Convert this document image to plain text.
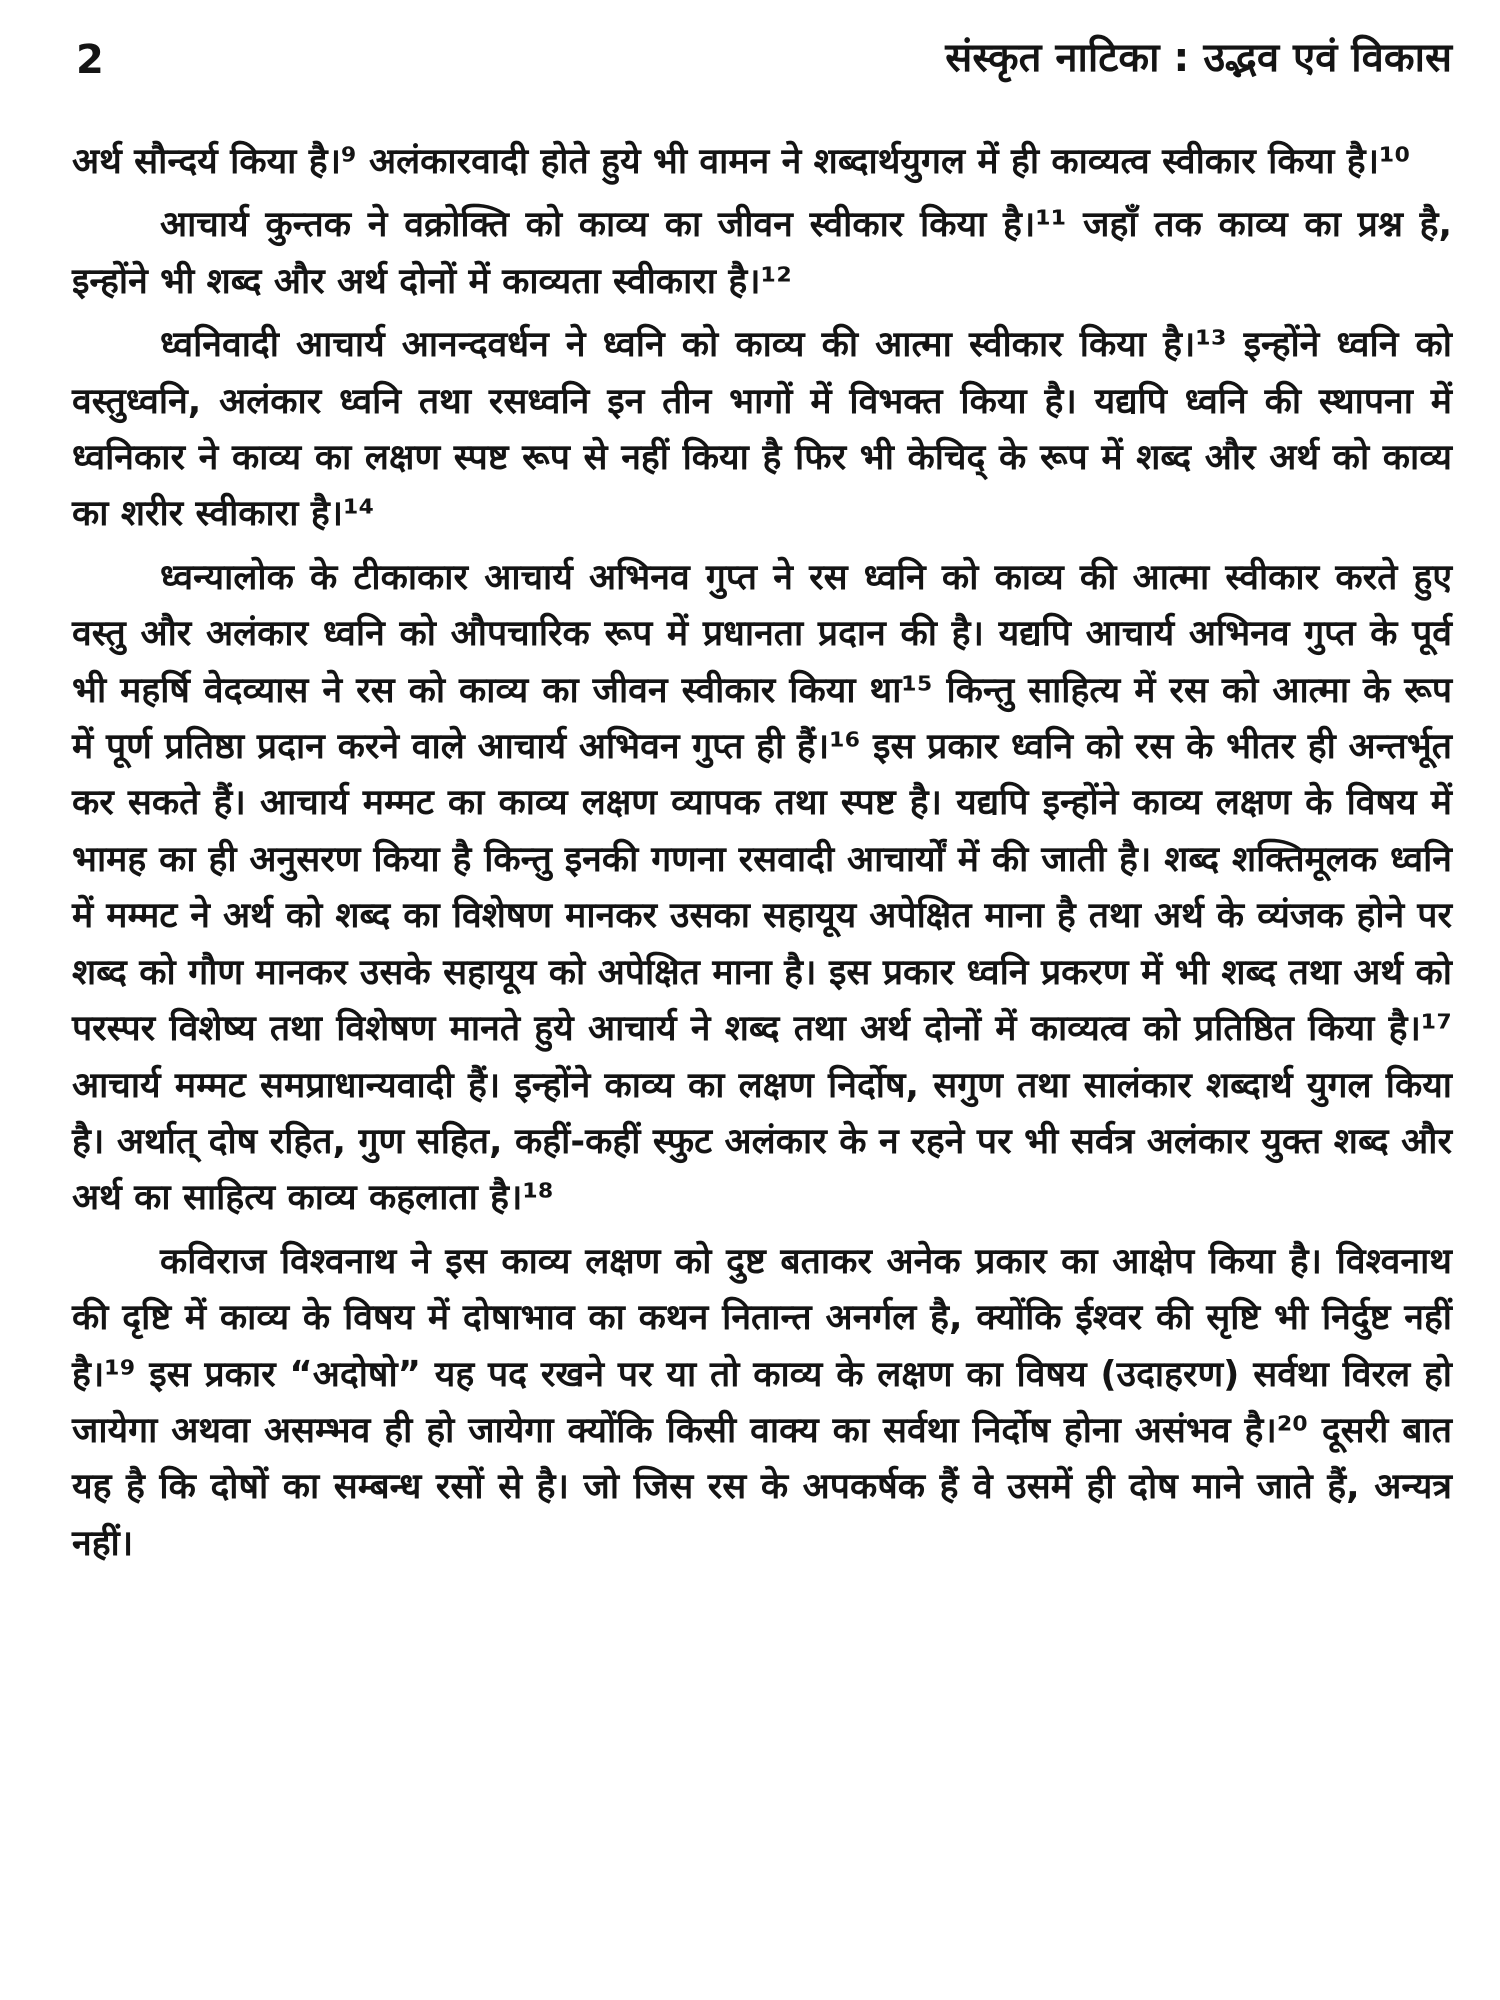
2	संस्कृत नाटिका : उद्भव एवं विकास

अर्थ सौन्दर्य किया है।⁹ अलंकारवादी होते हुये भी वामन ने शब्दार्थयुगल में ही काव्यत्व स्वीकार किया है।¹⁰

आचार्य कुन्तक ने वक्रोक्ति को काव्य का जीवन स्वीकार किया है।¹¹ जहाँ तक काव्य का प्रश्न है, इन्होंने भी शब्द और अर्थ दोनों में काव्यता स्वीकारा है।¹²

ध्वनिवादी आचार्य आनन्दवर्धन ने ध्वनि को काव्य की आत्मा स्वीकार किया है।¹³ इन्होंने ध्वनि को वस्तुध्वनि, अलंकार ध्वनि तथा रसध्वनि इन तीन भागों में विभक्त किया है। यद्यपि ध्वनि की स्थापना में ध्वनिकार ने काव्य का लक्षण स्पष्ट रूप से नहीं किया है फिर भी केचिद् के रूप में शब्द और अर्थ को काव्य का शरीर स्वीकारा है।¹⁴

ध्वन्यालोक के टीकाकार आचार्य अभिनव गुप्त ने रस ध्वनि को काव्य की आत्मा स्वीकार करते हुए वस्तु और अलंकार ध्वनि को औपचारिक रूप में प्रधानता प्रदान की है। यद्यपि आचार्य अभिनव गुप्त के पूर्व भी महर्षि वेदव्यास ने रस को काव्य का जीवन स्वीकार किया था¹⁵ किन्तु साहित्य में रस को आत्मा के रूप में पूर्ण प्रतिष्ठा प्रदान करने वाले आचार्य अभिवन गुप्त ही हैं।¹⁶ इस प्रकार ध्वनि को रस के भीतर ही अन्तर्भूत कर सकते हैं। आचार्य मम्मट का काव्य लक्षण व्यापक तथा स्पष्ट है। यद्यपि इन्होंने काव्य लक्षण के विषय में भामह का ही अनुसरण किया है किन्तु इनकी गणना रसवादी आचार्यों में की जाती है। शब्द शक्तिमूलक ध्वनि में मम्मट ने अर्थ को शब्द का विशेषण मानकर उसका सहायूय अपेक्षित माना है तथा अर्थ के व्यंजक होने पर शब्द को गौण मानकर उसके सहायूय को अपेक्षित माना है। इस प्रकार ध्वनि प्रकरण में भी शब्द तथा अर्थ को परस्पर विशेष्य तथा विशेषण मानते हुये आचार्य ने शब्द तथा अर्थ दोनों में काव्यत्व को प्रतिष्ठित किया है।¹⁷ आचार्य मम्मट समप्राधान्यवादी हैं। इन्होंने काव्य का लक्षण निर्दोष, सगुण तथा सालंकार शब्दार्थ युगल किया है। अर्थात् दोष रहित, गुण सहित, कहीं-कहीं स्फुट अलंकार के न रहने पर भी सर्वत्र अलंकार युक्त शब्द और अर्थ का साहित्य काव्य कहलाता है।¹⁸

कविराज विश्वनाथ ने इस काव्य लक्षण को दुष्ट बताकर अनेक प्रकार का आक्षेप किया है। विश्वनाथ की दृष्टि में काव्य के विषय में दोषाभाव का कथन नितान्त अनर्गल है, क्योंकि ईश्वर की सृष्टि भी निर्दुष्ट नहीं है।¹⁹ इस प्रकार “अदोषो” यह पद रखने पर या तो काव्य के लक्षण का विषय (उदाहरण) सर्वथा विरल हो जायेगा अथवा असम्भव ही हो जायेगा क्योंकि किसी वाक्य का सर्वथा निर्दोष होना असंभव है।²⁰ दूसरी बात यह है कि दोषों का सम्बन्ध रसों से है। जो जिस रस के अपकर्षक हैं वे उसमें ही दोष माने जाते हैं, अन्यत्र नहीं।
